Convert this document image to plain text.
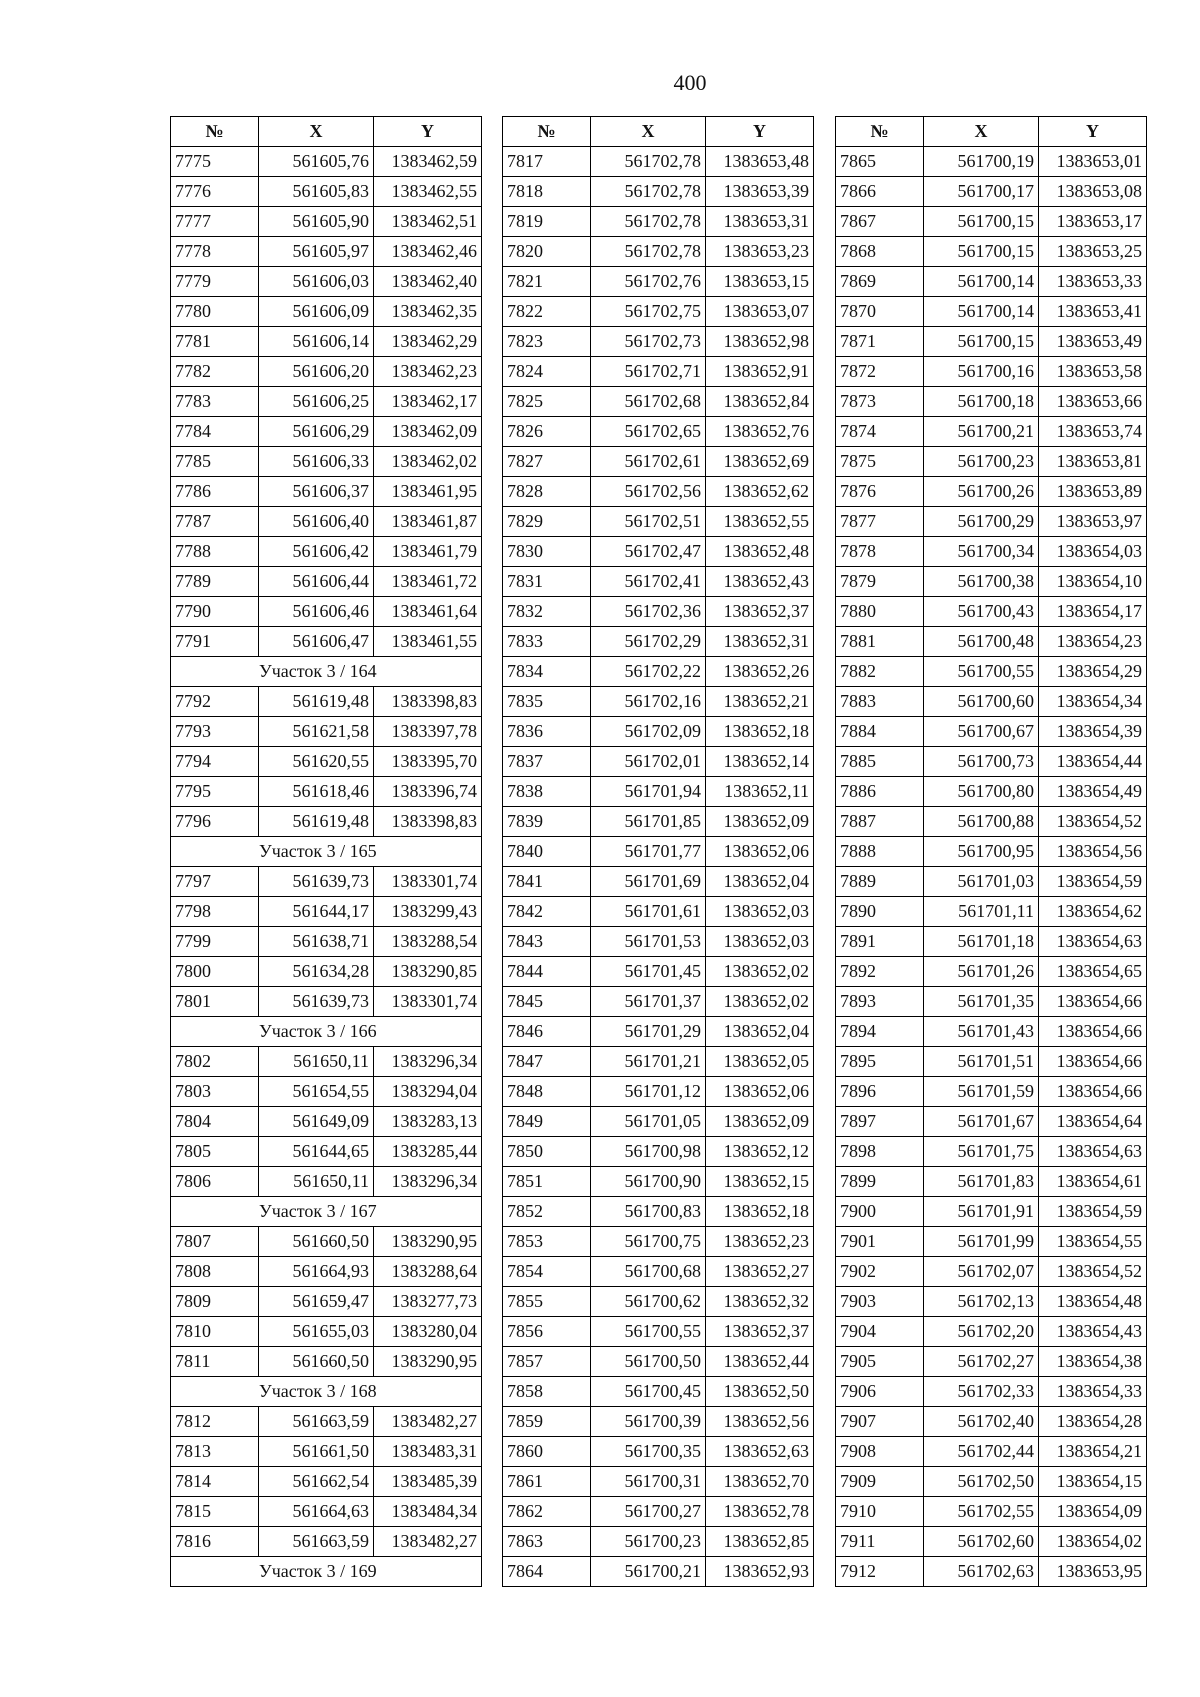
400
№	X	Y
7775	561605,76	1383462,59
7776	561605,83	1383462,55
7777	561605,90	1383462,51
7778	561605,97	1383462,46
7779	561606,03	1383462,40
7780	561606,09	1383462,35
7781	561606,14	1383462,29
7782	561606,20	1383462,23
7783	561606,25	1383462,17
7784	561606,29	1383462,09
7785	561606,33	1383462,02
7786	561606,37	1383461,95
7787	561606,40	1383461,87
7788	561606,42	1383461,79
7789	561606,44	1383461,72
7790	561606,46	1383461,64
7791	561606,47	1383461,55
Участок 3 / 164		
7792	561619,48	1383398,83
7793	561621,58	1383397,78
7794	561620,55	1383395,70
7795	561618,46	1383396,74
7796	561619,48	1383398,83
Участок 3 / 165		
7797	561639,73	1383301,74
7798	561644,17	1383299,43
7799	561638,71	1383288,54
7800	561634,28	1383290,85
7801	561639,73	1383301,74
Участок 3 / 166		
7802	561650,11	1383296,34
7803	561654,55	1383294,04
7804	561649,09	1383283,13
7805	561644,65	1383285,44
7806	561650,11	1383296,34
Участок 3 / 167		
7807	561660,50	1383290,95
7808	561664,93	1383288,64
7809	561659,47	1383277,73
7810	561655,03	1383280,04
7811	561660,50	1383290,95
Участок 3 / 168		
7812	561663,59	1383482,27
7813	561661,50	1383483,31
7814	561662,54	1383485,39
7815	561664,63	1383484,34
7816	561663,59	1383482,27
Участок 3 / 169		
№	X	Y
7817	561702,78	1383653,48
7818	561702,78	1383653,39
7819	561702,78	1383653,31
7820	561702,78	1383653,23
7821	561702,76	1383653,15
7822	561702,75	1383653,07
7823	561702,73	1383652,98
7824	561702,71	1383652,91
7825	561702,68	1383652,84
7826	561702,65	1383652,76
7827	561702,61	1383652,69
7828	561702,56	1383652,62
7829	561702,51	1383652,55
7830	561702,47	1383652,48
7831	561702,41	1383652,43
7832	561702,36	1383652,37
7833	561702,29	1383652,31
7834	561702,22	1383652,26
7835	561702,16	1383652,21
7836	561702,09	1383652,18
7837	561702,01	1383652,14
7838	561701,94	1383652,11
7839	561701,85	1383652,09
7840	561701,77	1383652,06
7841	561701,69	1383652,04
7842	561701,61	1383652,03
7843	561701,53	1383652,03
7844	561701,45	1383652,02
7845	561701,37	1383652,02
7846	561701,29	1383652,04
7847	561701,21	1383652,05
7848	561701,12	1383652,06
7849	561701,05	1383652,09
7850	561700,98	1383652,12
7851	561700,90	1383652,15
7852	561700,83	1383652,18
7853	561700,75	1383652,23
7854	561700,68	1383652,27
7855	561700,62	1383652,32
7856	561700,55	1383652,37
7857	561700,50	1383652,44
7858	561700,45	1383652,50
7859	561700,39	1383652,56
7860	561700,35	1383652,63
7861	561700,31	1383652,70
7862	561700,27	1383652,78
7863	561700,23	1383652,85
7864	561700,21	1383652,93
№	X	Y
7865	561700,19	1383653,01
7866	561700,17	1383653,08
7867	561700,15	1383653,17
7868	561700,15	1383653,25
7869	561700,14	1383653,33
7870	561700,14	1383653,41
7871	561700,15	1383653,49
7872	561700,16	1383653,58
7873	561700,18	1383653,66
7874	561700,21	1383653,74
7875	561700,23	1383653,81
7876	561700,26	1383653,89
7877	561700,29	1383653,97
7878	561700,34	1383654,03
7879	561700,38	1383654,10
7880	561700,43	1383654,17
7881	561700,48	1383654,23
7882	561700,55	1383654,29
7883	561700,60	1383654,34
7884	561700,67	1383654,39
7885	561700,73	1383654,44
7886	561700,80	1383654,49
7887	561700,88	1383654,52
7888	561700,95	1383654,56
7889	561701,03	1383654,59
7890	561701,11	1383654,62
7891	561701,18	1383654,63
7892	561701,26	1383654,65
7893	561701,35	1383654,66
7894	561701,43	1383654,66
7895	561701,51	1383654,66
7896	561701,59	1383654,66
7897	561701,67	1383654,64
7898	561701,75	1383654,63
7899	561701,83	1383654,61
7900	561701,91	1383654,59
7901	561701,99	1383654,55
7902	561702,07	1383654,52
7903	561702,13	1383654,48
7904	561702,20	1383654,43
7905	561702,27	1383654,38
7906	561702,33	1383654,33
7907	561702,40	1383654,28
7908	561702,44	1383654,21
7909	561702,50	1383654,15
7910	561702,55	1383654,09
7911	561702,60	1383654,02
7912	561702,63	1383653,95
